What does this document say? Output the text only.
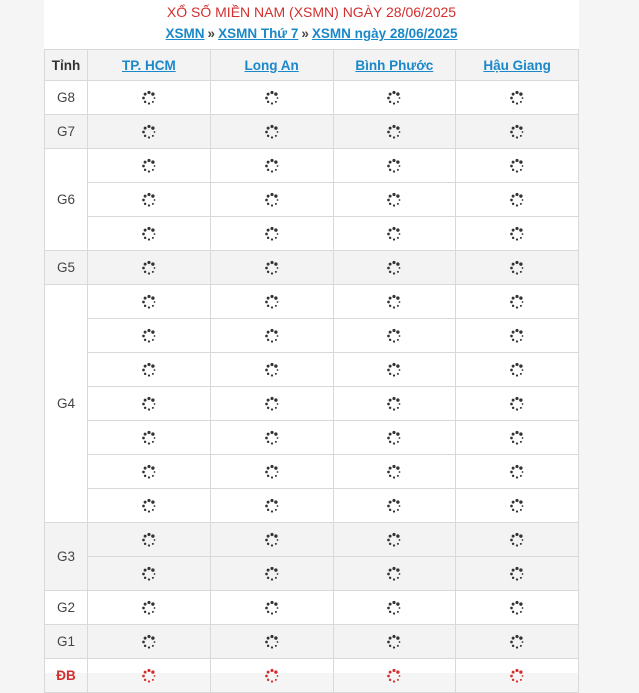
XỔ SỐ MIỀN NAM (XSMN) NGÀY 28/06/2025
XSMN » XSMN Thứ 7 » XSMN ngày 28/06/2025
Tỉnh	TP. HCM	Long An	Bình Phước	Hậu Giang
G8	

G7	

G6	

G5	

G4	

G3	

G2	

G1	

ĐB	
